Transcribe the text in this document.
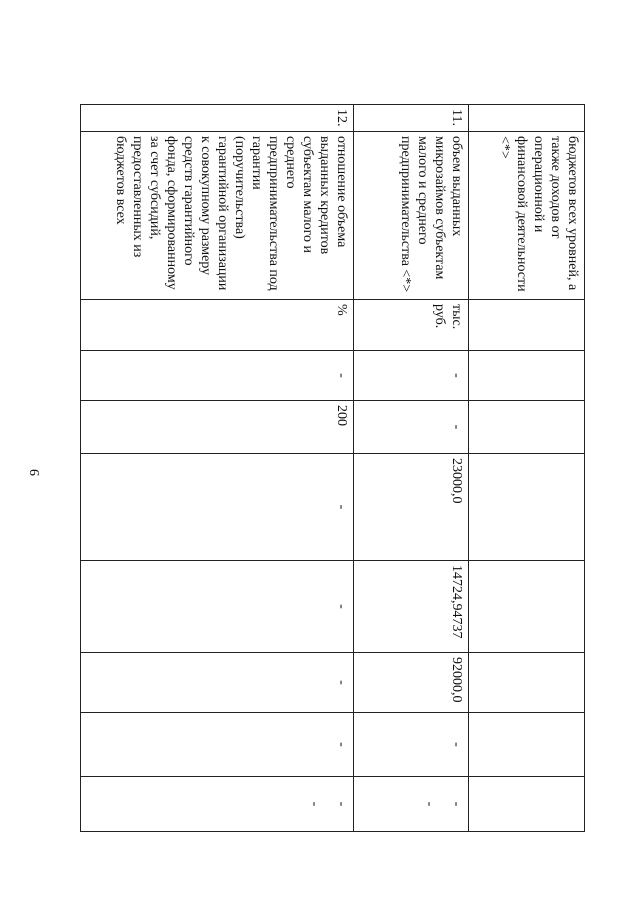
9
бюджетов всех уровней, а также доходов от операционной и финансовой деятельности <*>
11.
объем выданных микрозаймов субъектам малого и среднего предпринимательства <*>
тыс. руб.
-
-
23000,0
14724,94737
92000,0
-
-
-
12.
отношение объема выданных кредитов субъектам малого и среднего предпринимательства под гарантии (поручительства) гарантийной организации к совокупному размеру средств гарантийного фонда, сформированному за счет субсидий, предоставленных из бюджетов всех
%
-
200
-
-
-
-
-
-
